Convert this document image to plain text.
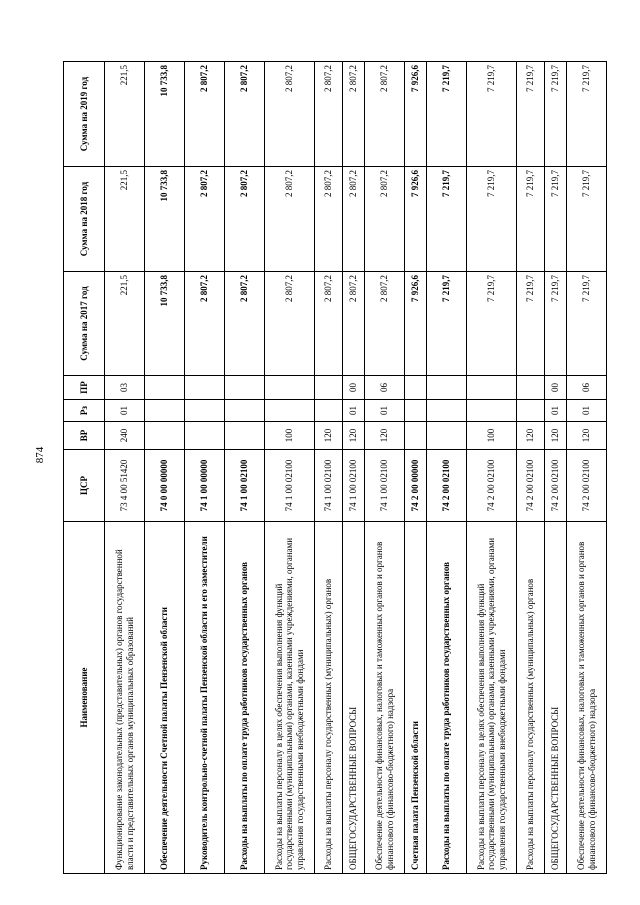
874
Наименование	ЦСР	ВР	Рз	ПР	Сумма на 2017 год	Сумма на 2018 год	Сумма на 2019 год
Функционирование законодательных (представительных) органов государственной власти и представительных органов муниципальных образований	73 4 00 51420	240	01	03	221,5	221,5	221,5
Обеспечение деятельности Счетной палаты Пензенской области	74 0 00 00000				10 733,8	10 733,8	10 733,8
Руководитель контрольно-счетной палаты Пензенской области и его заместители	74 1 00 00000				2 807,2	2 807,2	2 807,2
Расходы на выплаты по оплате труда работников государственных органов	74 1 00 02100				2 807,2	2 807,2	2 807,2
Расходы на выплаты персоналу в целях обеспечения выполнения функций государственными (муниципальными) органами, казенными учреждениями, органами управления государственными внебюджетными фондами	74 1 00 02100	100			2 807,2	2 807,2	2 807,2
Расходы на выплаты персоналу государственных (муниципальных) органов	74 1 00 02100	120			2 807,2	2 807,2	2 807,2
ОБЩЕГОСУДАРСТВЕННЫЕ ВОПРОСЫ	74 1 00 02100	120	01	00	2 807,2	2 807,2	2 807,2
Обеспечение деятельности финансовых, налоговых и таможенных органов и органов финансового (финансово-бюджетного) надзора	74 1 00 02100	120	01	06	2 807,2	2 807,2	2 807,2
Счетная палата Пензенской области	74 2 00 00000				7 926,6	7 926,6	7 926,6
Расходы на выплаты по оплате труда работников государственных органов	74 2 00 02100				7 219,7	7 219,7	7 219,7
Расходы на выплаты персоналу в целях обеспечения выполнения функций государственными (муниципальными) органами, казенными учреждениями, органами управления государственными внебюджетными фондами	74 2 00 02100	100			7 219,7	7 219,7	7 219,7
Расходы на выплаты персоналу государственных (муниципальных) органов	74 2 00 02100	120			7 219,7	7 219,7	7 219,7
ОБЩЕГОСУДАРСТВЕННЫЕ ВОПРОСЫ	74 2 00 02100	120	01	00	7 219,7	7 219,7	7 219,7
Обеспечение деятельности финансовых, налоговых и таможенных органов и органов финансового (финансово-бюджетного) надзора	74 2 00 02100	120	01	06	7 219,7	7 219,7	7 219,7
